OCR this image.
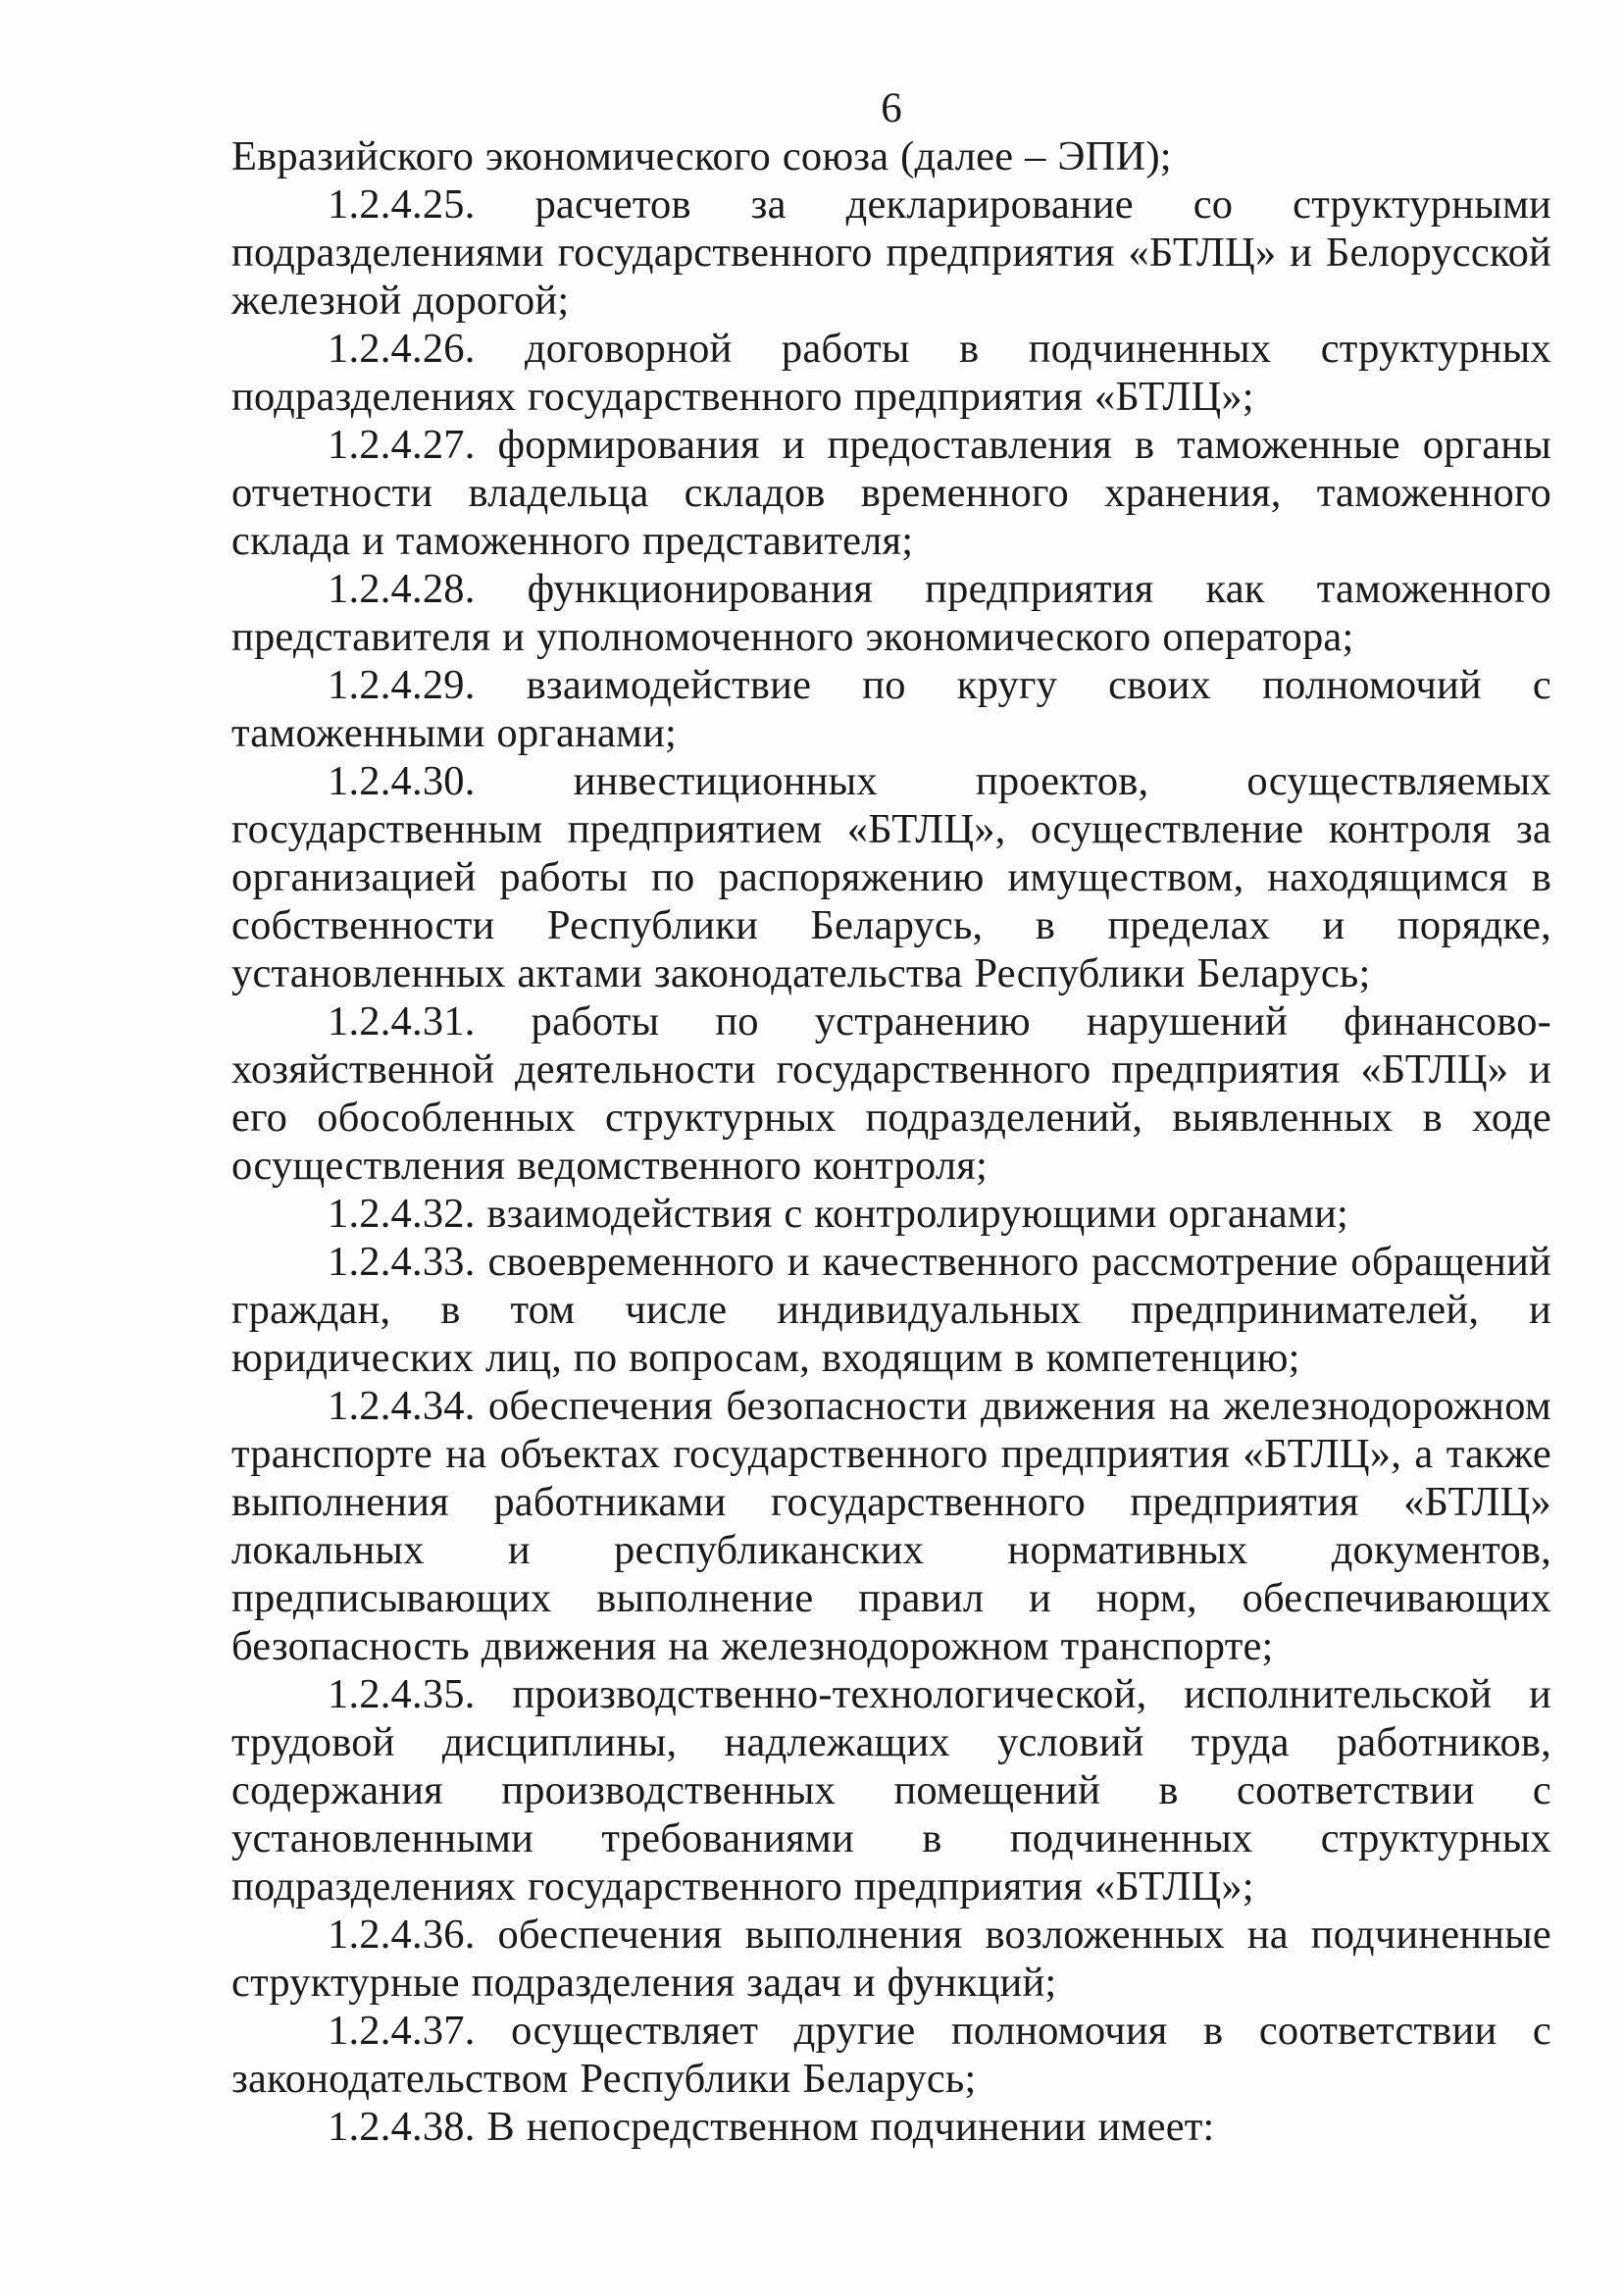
6

Евразийского экономического союза (далее – ЭПИ);

1.2.4.25. расчетов за декларирование со структурными подразделениями государственного предприятия «БТЛЦ» и Белорусской железной дорогой;

1.2.4.26. договорной работы в подчиненных структурных подразделениях государственного предприятия «БТЛЦ»;

1.2.4.27. формирования и предоставления в таможенные органы отчетности владельца складов временного хранения, таможенного склада и таможенного представителя;

1.2.4.28. функционирования предприятия как таможенного представителя и уполномоченного экономического оператора;

1.2.4.29. взаимодействие по кругу своих полномочий с таможенными органами;

1.2.4.30. инвестиционных проектов, осуществляемых государственным предприятием «БТЛЦ», осуществление контроля за организацией работы по распоряжению имуществом, находящимся в собственности Республики Беларусь, в пределах и порядке, установленных актами законодательства Республики Беларусь;

1.2.4.31. работы по устранению нарушений финансово-хозяйственной деятельности государственного предприятия «БТЛЦ» и его обособленных структурных подразделений, выявленных в ходе осуществления ведомственного контроля;

1.2.4.32. взаимодействия с контролирующими органами;

1.2.4.33. своевременного и качественного рассмотрение обращений граждан, в том числе индивидуальных предпринимателей, и юридических лиц, по вопросам, входящим в компетенцию;

1.2.4.34. обеспечения безопасности движения на железнодорожном транспорте на объектах государственного предприятия «БТЛЦ», а также выполнения работниками государственного предприятия «БТЛЦ» локальных и республиканских нормативных документов, предписывающих выполнение правил и норм, обеспечивающих безопасность движения на железнодорожном транспорте;

1.2.4.35. производственно-технологической, исполнительской и трудовой дисциплины, надлежащих условий труда работников, содержания производственных помещений в соответствии с установленными требованиями в подчиненных структурных подразделениях государственного предприятия «БТЛЦ»;

1.2.4.36. обеспечения выполнения возложенных на подчиненные структурные подразделения задач и функций;

1.2.4.37. осуществляет другие полномочия в соответствии с законодательством Республики Беларусь;

1.2.4.38. В непосредственном подчинении имеет:
